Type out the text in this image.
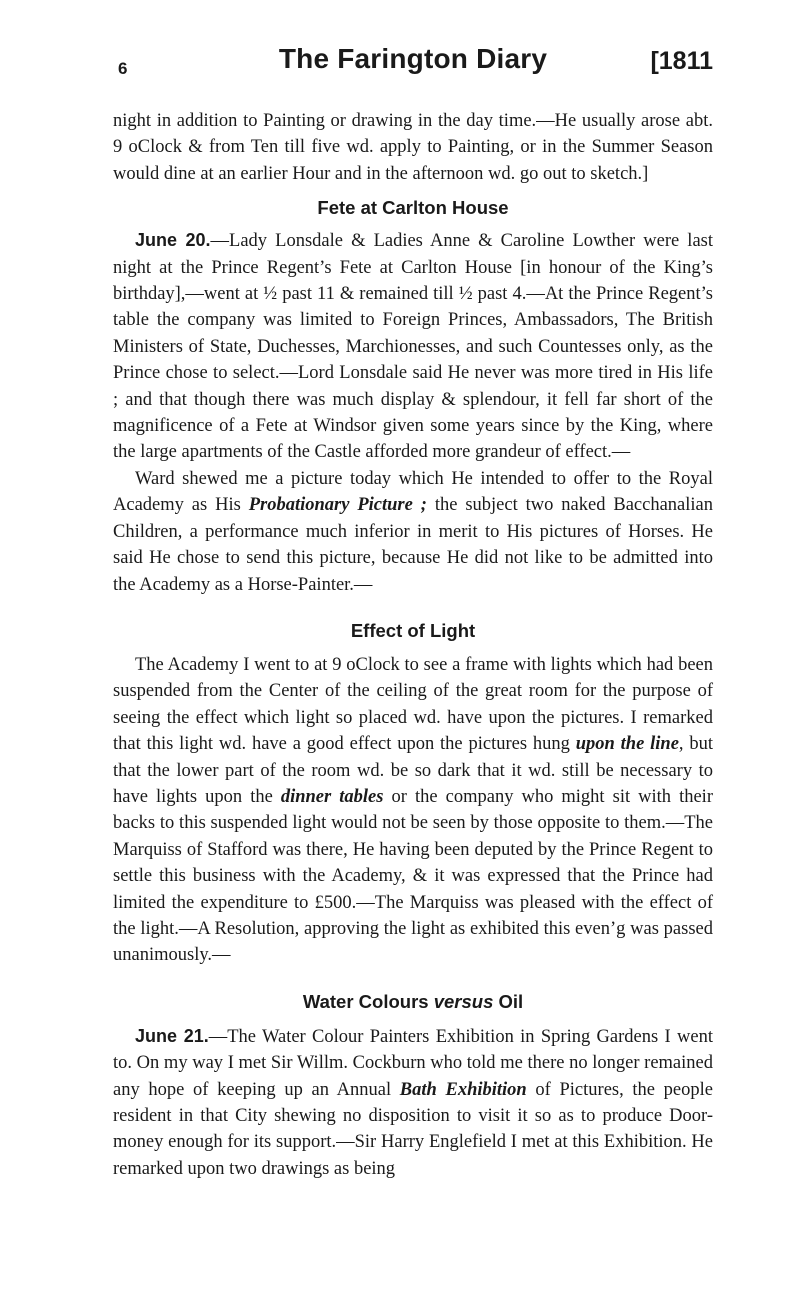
6	The Farington Diary	[1811

night in addition to Painting or drawing in the day time.—He usually arose abt. 9 oClock & from Ten till five wd. apply to Painting, or in the Summer Season would dine at an earlier Hour and in the afternoon wd. go out to sketch.]

Fete at Carlton House

June 20.—Lady Lonsdale & Ladies Anne & Caroline Lowther were last night at the Prince Regent’s Fete at Carlton House [in honour of the King’s birthday],—went at ½ past 11 & remained till ½ past 4.—At the Prince Regent’s table the company was limited to Foreign Princes, Ambassadors, The British Ministers of State, Duchesses, Marchionesses, and such Countesses only, as the Prince chose to select.—Lord Lonsdale said He never was more tired in His life ; and that though there was much display & splendour, it fell far short of the magnificence of a Fete at Windsor given some years since by the King, where the large apartments of the Castle afforded more grandeur of effect.—

Ward shewed me a picture today which He intended to offer to the Royal Academy as His Probationary Picture ; the subject two naked Bacchanalian Children, a performance much inferior in merit to His pictures of Horses. He said He chose to send this picture, because He did not like to be admitted into the Academy as a Horse-Painter.—

Effect of Light

The Academy I went to at 9 oClock to see a frame with lights which had been suspended from the Center of the ceiling of the great room for the purpose of seeing the effect which light so placed wd. have upon the pictures. I remarked that this light wd. have a good effect upon the pictures hung upon the line, but that the lower part of the room wd. be so dark that it wd. still be necessary to have lights upon the dinner tables or the company who might sit with their backs to this suspended light would not be seen by those opposite to them.—The Marquiss of Stafford was there, He having been deputed by the Prince Regent to settle this business with the Academy, & it was expressed that the Prince had limited the expenditure to £500.—The Marquiss was pleased with the effect of the light.—A Resolution, approving the light as exhibited this even’g was passed unanimously.—

Water Colours versus Oil

June 21.—The Water Colour Painters Exhibition in Spring Gardens I went to. On my way I met Sir Willm. Cockburn who told me there no longer remained any hope of keeping up an Annual Bath Exhibition of Pictures, the people resident in that City shewing no disposition to visit it so as to produce Door-money enough for its support.—Sir Harry Englefield I met at this Exhibition. He remarked upon two drawings as being
